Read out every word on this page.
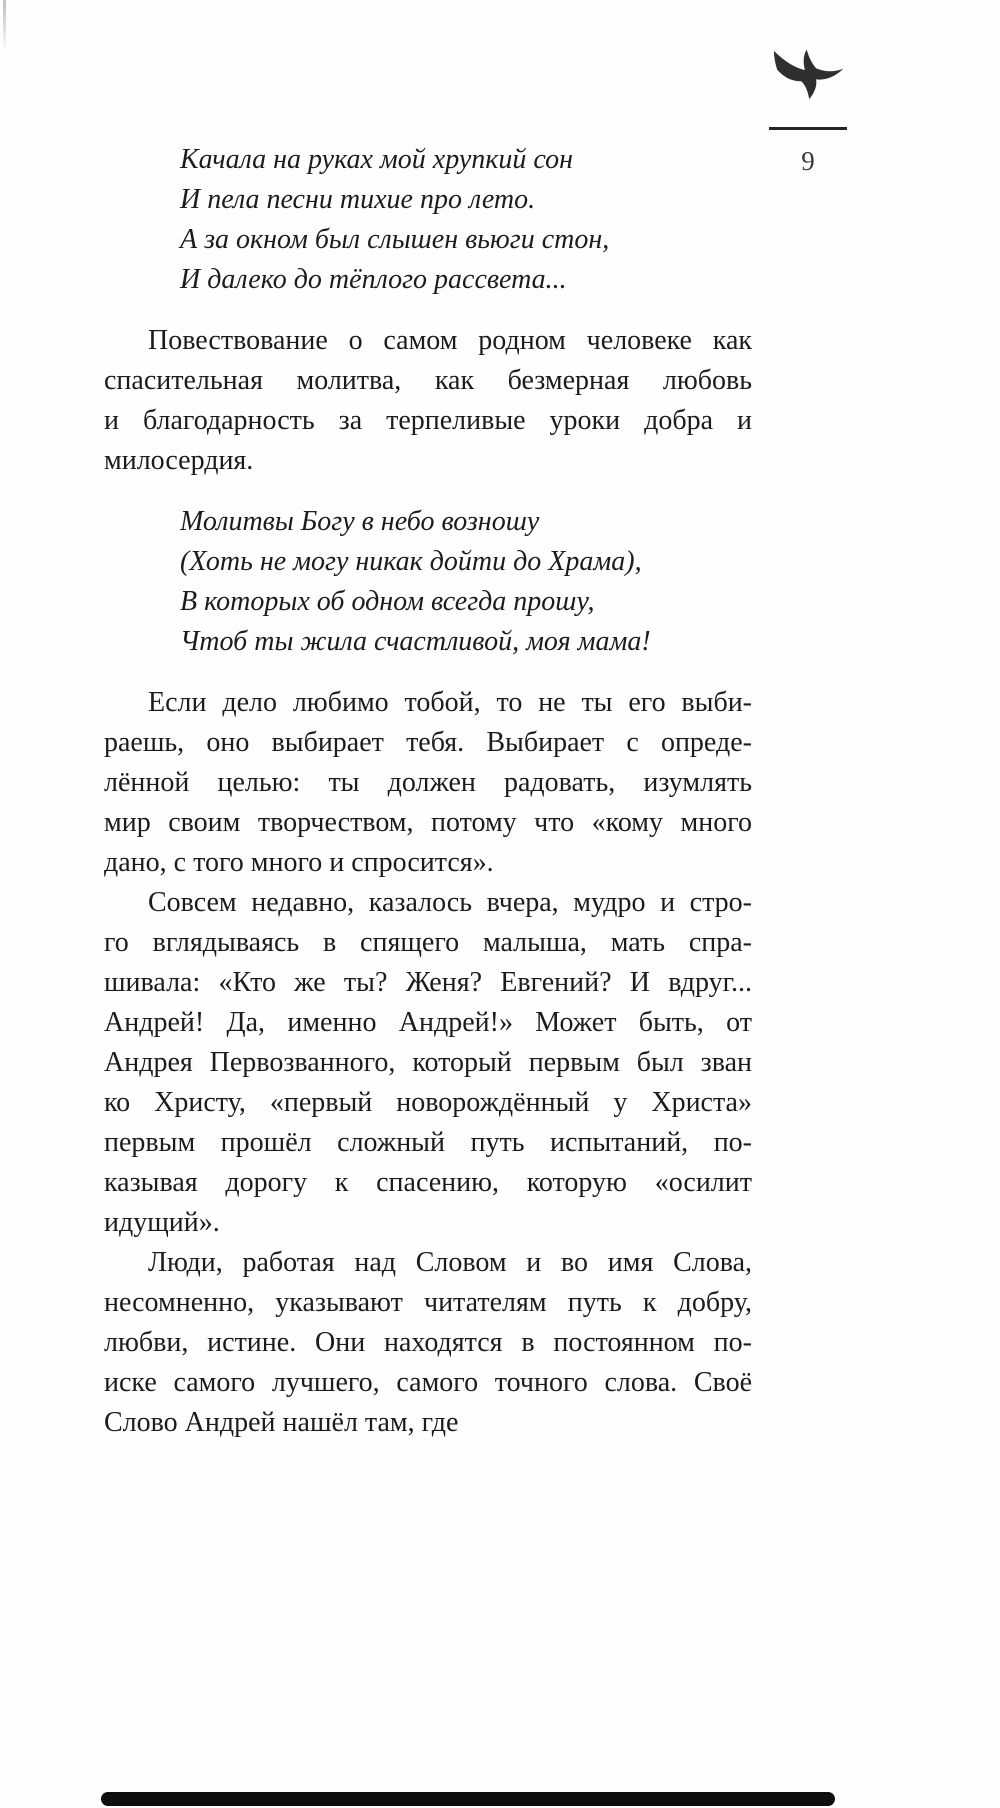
9
Качала на руках мой хрупкий сон
И пела песни тихие про лето.
А за окном был слышен вьюги стон,
И далеко до тёплого рассвета...
Повествование о самом родном человеке как
спасительная молитва, как безмерная любовь
и благодарность за терпеливые уроки добра и
милосердия.
Молитвы Богу в небо возношу
(Хоть не могу никак дойти до Храма),
В которых об одном всегда прошу,
Чтоб ты жила счастливой, моя мама!
Если дело любимо тобой, то не ты его выби-
раешь, оно выбирает тебя. Выбирает с опреде-
лённой целью: ты должен радовать, изумлять
мир своим творчеством, потому что «кому много
дано, с того много и спросится».
Совсем недавно, казалось вчера, мудро и стро-
го вглядываясь в спящего малыша, мать спра-
шивала: «Кто же ты? Женя? Евгений? И вдруг...
Андрей! Да, именно Андрей!» Может быть, от
Андрея Первозванного, который первым был зван
ко Христу, «первый новорождённый у Христа»
первым прошёл сложный путь испытаний, по-
казывая дорогу к спасению, которую «осилит
идущий».
Люди, работая над Словом и во имя Слова,
несомненно, указывают читателям путь к добру,
любви, истине. Они находятся в постоянном по-
иске самого лучшего, самого точного слова. Своё
Слово Андрей нашёл там, где
